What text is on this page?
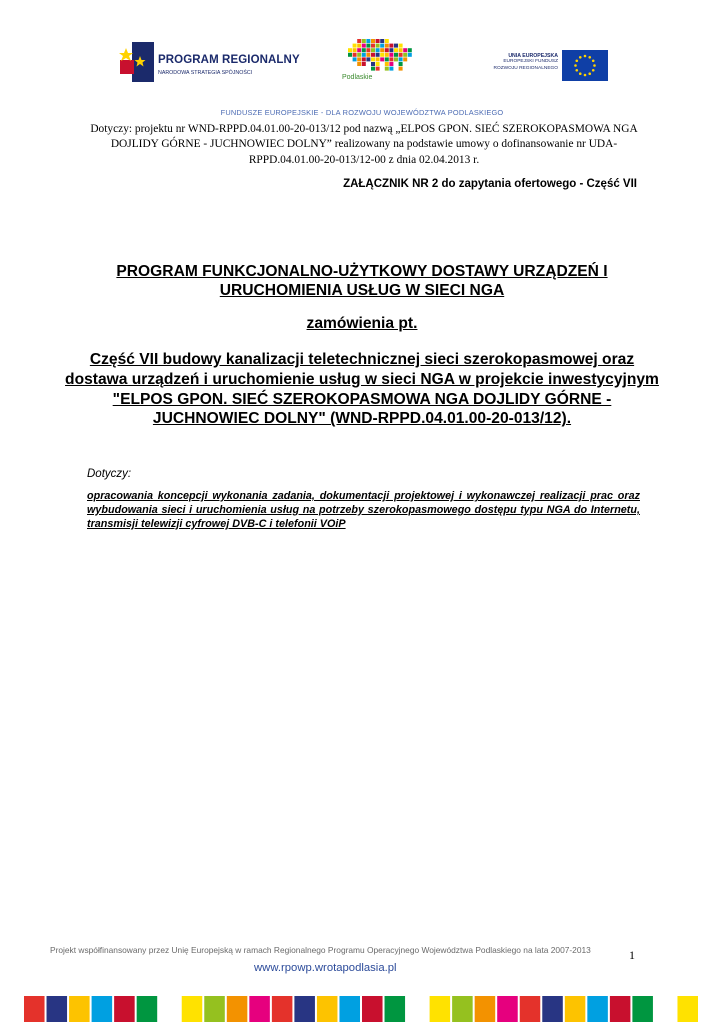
PROGRAM REGIONALNY
NARODOWA STRATEGIA SPÓJNOŚCI
Podlaskie
UNIA EUROPEJSKA
EUROPEJSKI FUNDUSZ
ROZWOJU REGIONALNEGO
FUNDUSZE EUROPEJSKIE - DLA ROZWOJU WOJEWÓDZTWA PODLASKIEGO
Dotyczy: projektu nr WND-RPPD.04.01.00-20-013/12 pod nazwą „ELPOS GPON. SIEĆ SZEROKOPASMOWA NGA DOJLIDY GÓRNE - JUCHNOWIEC DOLNY” realizowany na podstawie umowy o dofinansowanie nr UDA-RPPD.04.01.00-20-013/12-00 z dnia 02.04.2013 r.
ZAŁĄCZNIK NR 2 do zapytania ofertowego - Część VII
PROGRAM FUNKCJONALNO-UŻYTKOWY DOSTAWY URZĄDZEŃ I URUCHOMIENIA USŁUG W SIECI NGA
zamówienia pt.
Część VII budowy kanalizacji teletechnicznej sieci szerokopasmowej oraz dostawa urządzeń i uruchomienie usług w sieci NGA w projekcie inwestycyjnym "ELPOS GPON. SIEĆ SZEROKOPASMOWA NGA DOJLIDY GÓRNE - JUCHNOWIEC DOLNY" (WND-RPPD.04.01.00-20-013/12).
Dotyczy:
opracowania koncepcji wykonania zadania, dokumentacji projektowej i wykonawczej realizacji prac oraz wybudowania sieci i uruchomienia usług na potrzeby szerokopasmowego dostępu typu NGA do Internetu, transmisji telewizji cyfrowej DVB-C i telefonii VOiP
Projekt współfinansowany przez Unię Europejską w ramach Regionalnego Programu Operacyjnego Województwa Podlaskiego na lata 2007-2013	1
www.rpowp.wrotapodlasia.pl
